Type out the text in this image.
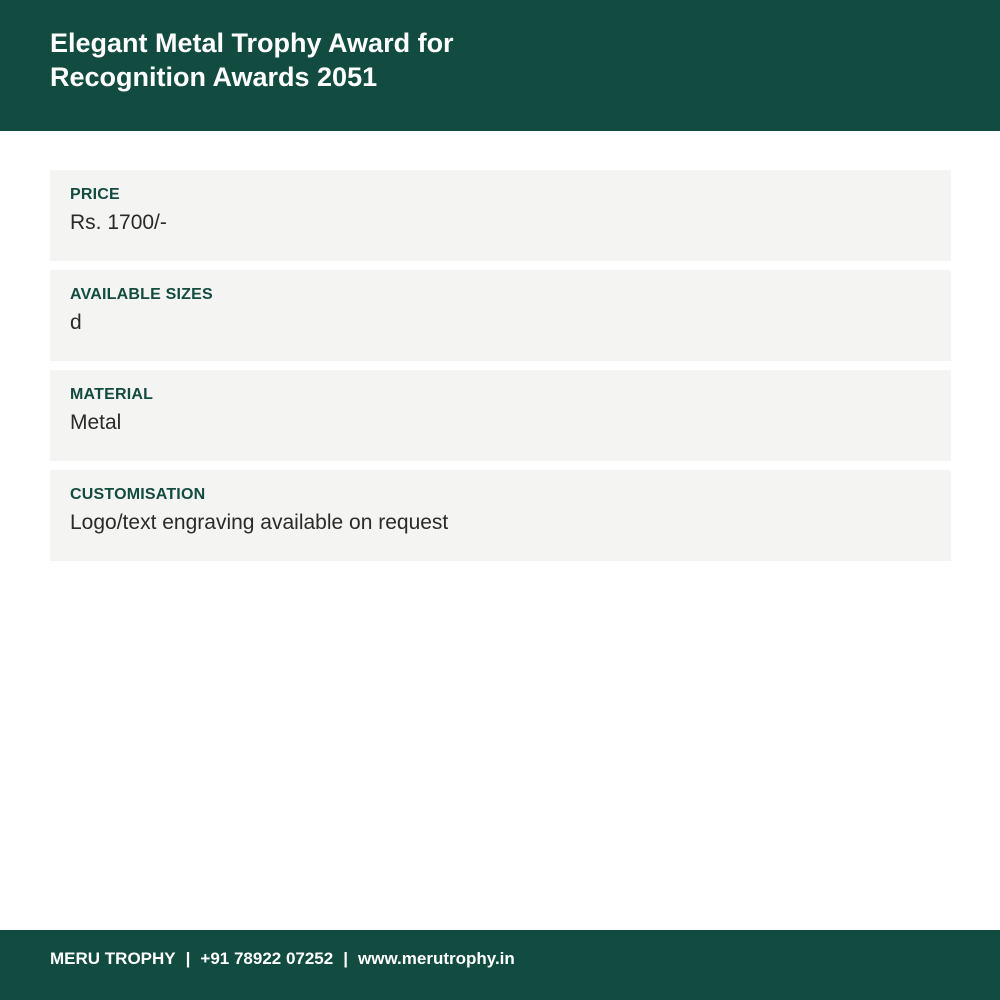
Elegant Metal Trophy Award for Recognition Awards 2051
PRICE
Rs. 1700/-
AVAILABLE SIZES
d
MATERIAL
Metal
CUSTOMISATION
Logo/text engraving available on request
MERU TROPHY | +91 78922 07252 | www.merutrophy.in
